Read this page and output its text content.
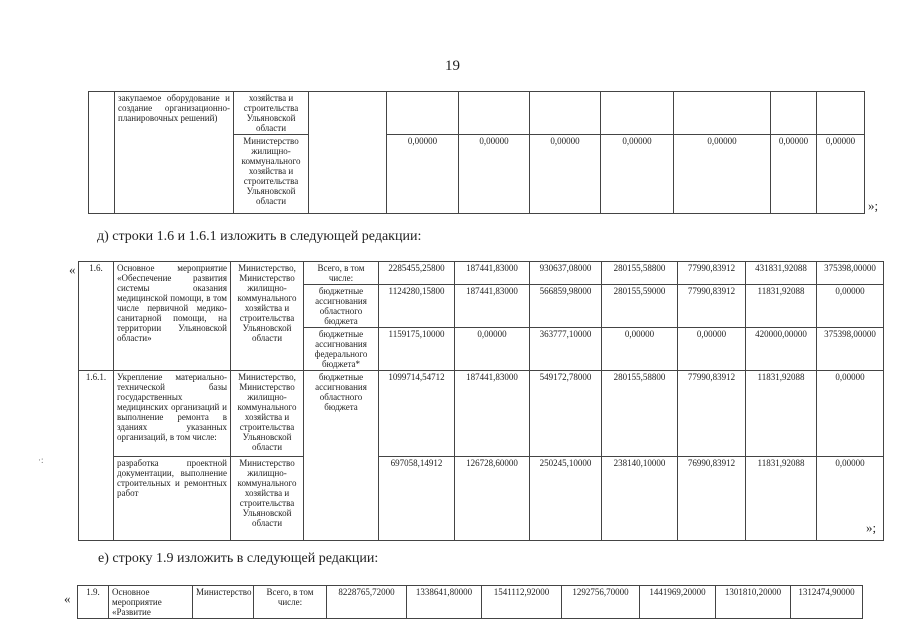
19
	закупаемое оборудование и создание организационно-планировочных решений)	хозяйства и строительства Ульяновской области								
		Министерство жилищно-коммунального хозяйства и строительства Ульяновской области		0,00000	0,00000	0,00000	0,00000	0,00000	0,00000	0,00000
»;
д) строки 1.6 и 1.6.1 изложить в следующей редакции:
« 1.6.	Основное мероприятие «Обеспечение развития системы оказания медицинской помощи, в том числе первичной медико-санитарной помощи, на территории Ульяновской области»	Министерство, Министерство жилищно-коммунального хозяйства и строительства Ульяновской области	Всего, в том числе:	2285455,25800	187441,83000	930637,08000	280155,58800	77990,83912	431831,92088	375398,00000
			бюджетные ассигнования областного бюджета	1124280,15800	187441,83000	566859,98000	280155,59000	77990,83912	11831,92088	0,00000
			бюджетные ассигнования федерального бюджета*	1159175,10000	0,00000	363777,10000	0,00000	0,00000	420000,00000	375398,00000
1.6.1.	Укрепление материально-технической базы государственных медицинских организаций и выполнение ремонта в зданиях указанных организаций, в том числе:	Министерство, Министерство жилищно-коммунального хозяйства и строительства Ульяновской области	бюджетные ассигнования областного бюджета	1099714,54712	187441,83000	549172,78000	280155,58800	77990,83912	11831,92088	0,00000
	разработка проектной документации, выполнение строительных и ремонтных работ	Министерство жилищно-коммунального хозяйства и строительства Ульяновской области		697058,14912	126728,60000	250245,10000	238140,10000	76990,83912	11831,92088	0,00000
»;
·:
е) строку 1.9 изложить в следующей редакции:
« 1.9.	Основное мероприятие «Развитие	Министерство	Всего, в том числе:	8228765,72000	1338641,80000	1541112,92000	1292756,70000	1441969,20000	1301810,20000	1312474,90000
